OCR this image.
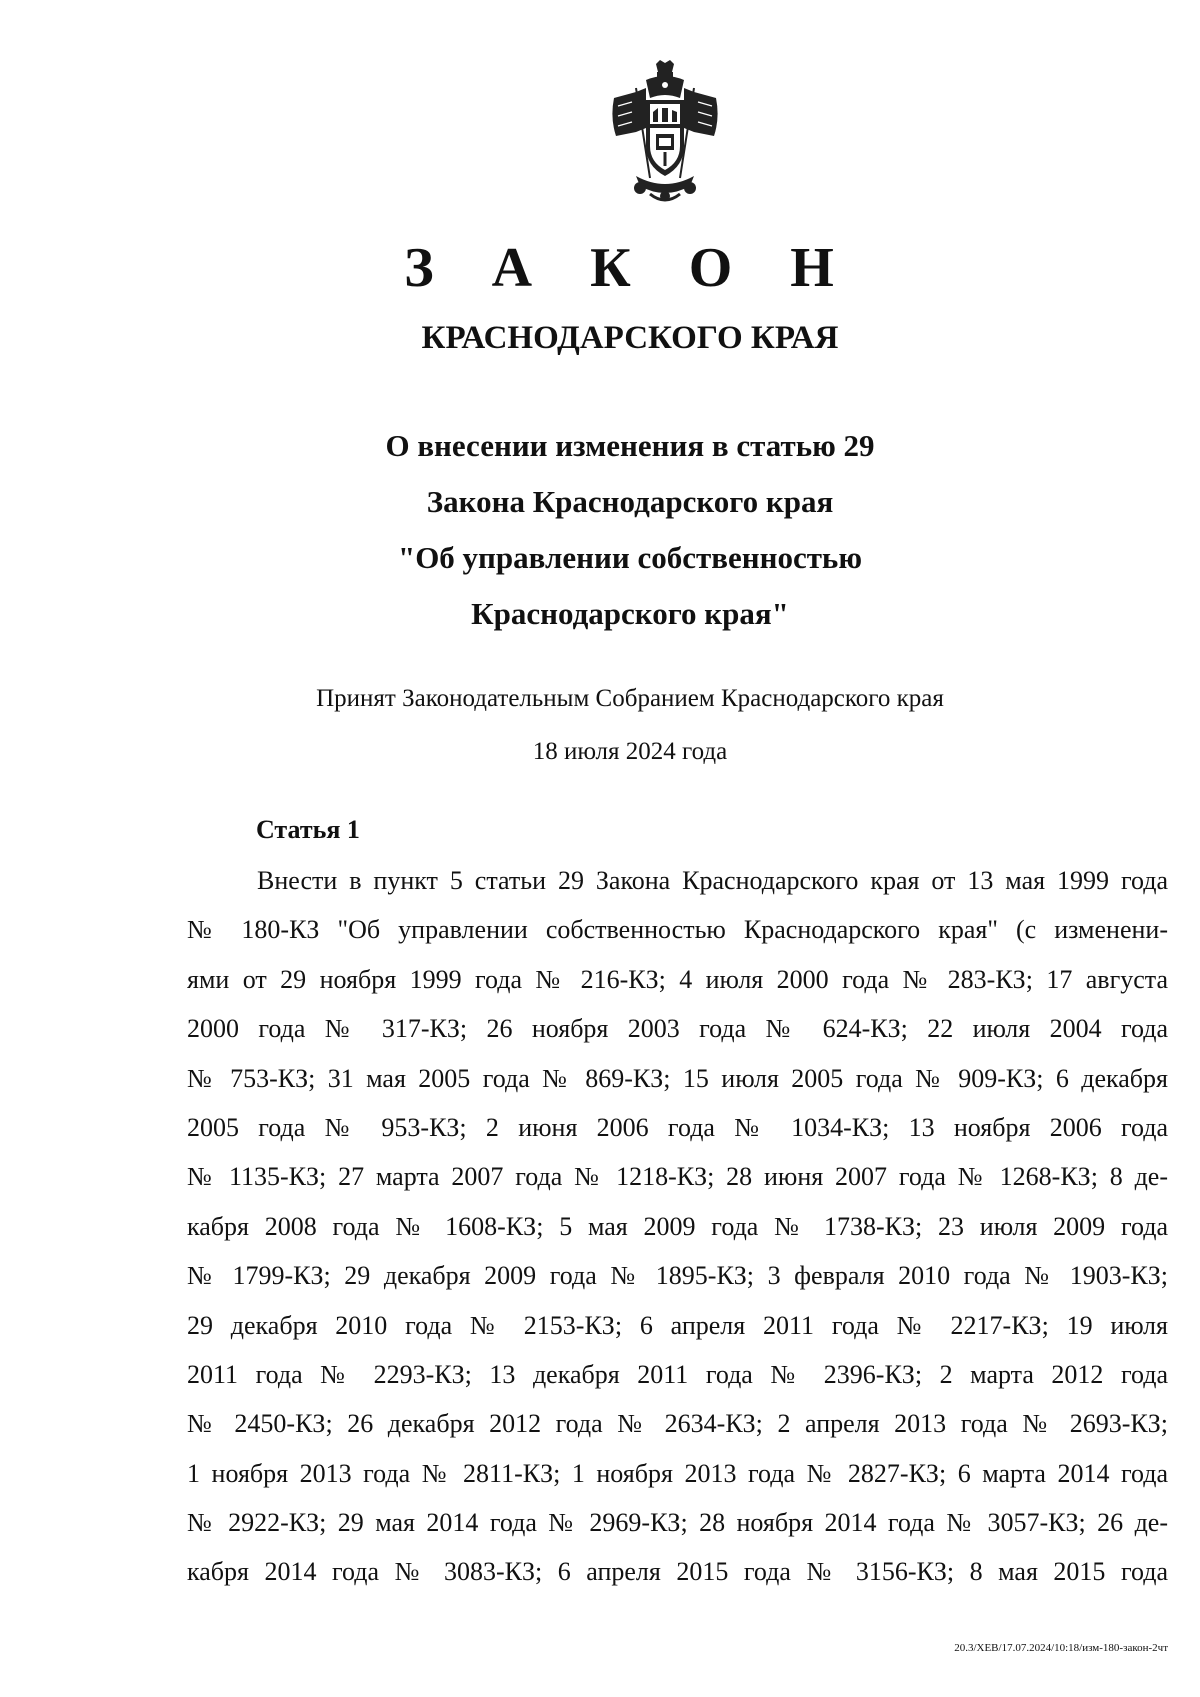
З А К О Н
КРАСНОДАРСКОГО КРАЯ
О внесении изменения в статью 29
Закона Краснодарского края
"Об управлении собственностью
Краснодарского края"
Принят Законодательным Собранием Краснодарского края
18 июля 2024 года
Статья 1
Внести в пункт 5 статьи 29 Закона Краснодарского края от 13 мая 1999 года
№ 180-КЗ "Об управлении собственностью Краснодарского края" (с изменени-
ями от 29 ноября 1999 года № 216-КЗ; 4 июля 2000 года № 283-КЗ; 17 августа
2000 года № 317-КЗ; 26 ноября 2003 года № 624-КЗ; 22 июля 2004 года
№ 753-КЗ; 31 мая 2005 года № 869-КЗ; 15 июля 2005 года № 909-КЗ; 6 декабря
2005 года № 953-КЗ; 2 июня 2006 года № 1034-КЗ; 13 ноября 2006 года
№ 1135-КЗ; 27 марта 2007 года № 1218-КЗ; 28 июня 2007 года № 1268-КЗ; 8 де-
кабря 2008 года № 1608-КЗ; 5 мая 2009 года № 1738-КЗ; 23 июля 2009 года
№ 1799-КЗ; 29 декабря 2009 года № 1895-КЗ; 3 февраля 2010 года № 1903-КЗ;
29 декабря 2010 года № 2153-КЗ; 6 апреля 2011 года № 2217-КЗ; 19 июля
2011 года № 2293-КЗ; 13 декабря 2011 года № 2396-КЗ; 2 марта 2012 года
№ 2450-КЗ; 26 декабря 2012 года № 2634-КЗ; 2 апреля 2013 года № 2693-КЗ;
1 ноября 2013 года № 2811-КЗ; 1 ноября 2013 года № 2827-КЗ; 6 марта 2014 года
№ 2922-КЗ; 29 мая 2014 года № 2969-КЗ; 28 ноября 2014 года № 3057-КЗ; 26 де-
кабря 2014 года № 3083-КЗ; 6 апреля 2015 года № 3156-КЗ; 8 мая 2015 года
20.3/ХЕВ/17.07.2024/10:18/изм-180-закон-2чт
